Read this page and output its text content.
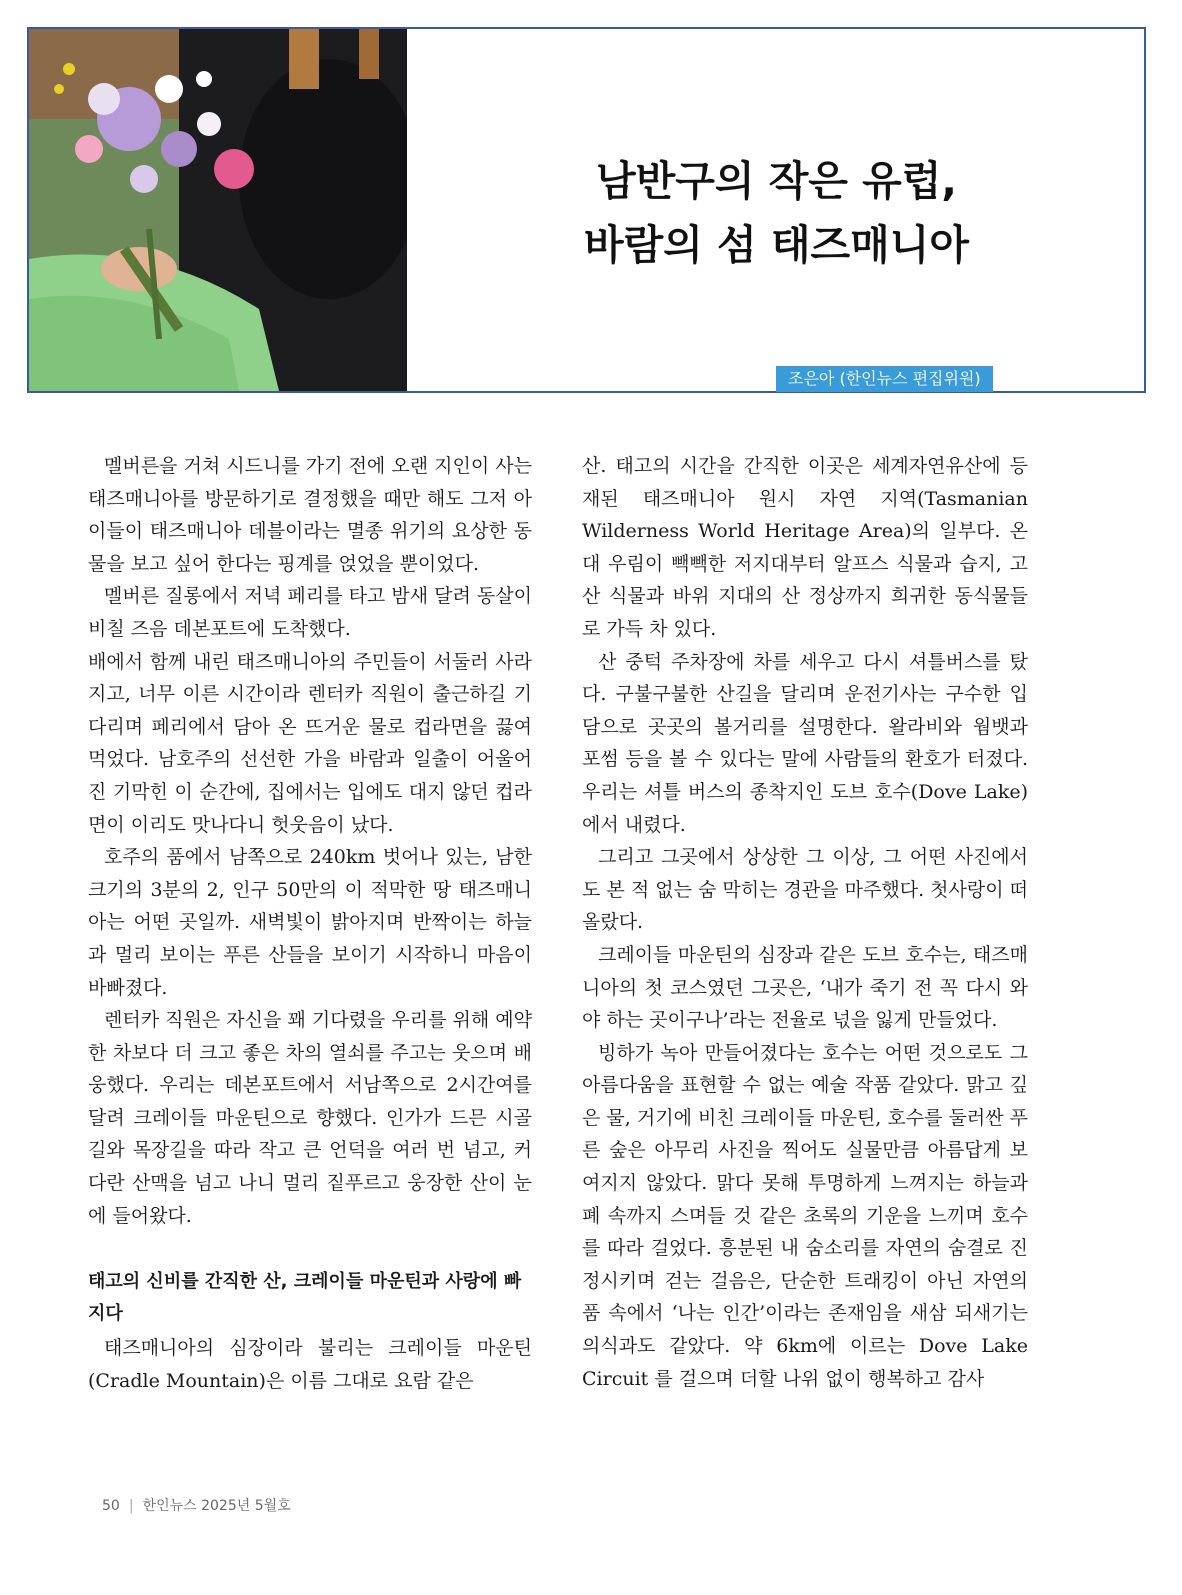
남반구의 작은 유럽,
바람의 섬 태즈매니아
조은아 (한인뉴스 편집위원)

멜버른을 거쳐 시드니를 가기 전에 오랜 지인이 사는 태즈매니아를 방문하기로 결정했을 때만 해도 그저 아이들이 태즈매니아 데블이라는 멸종 위기의 요상한 동물을 보고 싶어 한다는 핑계를 얹었을 뿐이었다.

멜버른 질롱에서 저녁 페리를 타고 밤새 달려 동살이 비칠 즈음 데본포트에 도착했다.

배에서 함께 내린 태즈매니아의 주민들이 서둘러 사라지고, 너무 이른 시간이라 렌터카 직원이 출근하길 기다리며 페리에서 담아 온 뜨거운 물로 컵라면을 끓여먹었다. 남호주의 선선한 가을 바람과 일출이 어울어진 기막힌 이 순간에, 집에서는 입에도 대지 않던 컵라면이 이리도 맛나다니 헛웃음이 났다.

호주의 품에서 남쪽으로 240km 벗어나 있는, 남한 크기의 3분의 2, 인구 50만의 이 적막한 땅 태즈매니아는 어떤 곳일까. 새벽빛이 밝아지며 반짝이는 하늘과 멀리 보이는 푸른 산들을 보이기 시작하니 마음이 바빠졌다.

렌터카 직원은 자신을 꽤 기다렸을 우리를 위해 예약한 차보다 더 크고 좋은 차의 열쇠를 주고는 웃으며 배웅했다. 우리는 데본포트에서 서남쪽으로 2시간여를 달려 크레이들 마운틴으로 향했다. 인가가 드믄 시골길와 목장길을 따라 작고 큰 언덕을 여러 번 넘고, 커다란 산맥을 넘고 나니 멀리 짙푸르고 웅장한 산이 눈에 들어왔다.

태고의 신비를 간직한 산, 크레이들 마운틴과 사랑에 빠지다

태즈매니아의 심장이라 불리는 크레이들 마운틴(Cradle Mountain)은 이름 그대로 요람 같은

산. 태고의 시간을 간직한 이곳은 세계자연유산에 등재된 태즈매니아 원시 자연 지역(Tasmanian Wilderness World Heritage Area)의 일부다. 온대 우림이 빽빽한 저지대부터 알프스 식물과 습지, 고산 식물과 바위 지대의 산 정상까지 희귀한 동식물들로 가득 차 있다.

산 중턱 주차장에 차를 세우고 다시 셔틀버스를 탔다. 구불구불한 산길을 달리며 운전기사는 구수한 입담으로 곳곳의 볼거리를 설명한다. 왈라비와 웜뱃과 포썸 등을 볼 수 있다는 말에 사람들의 환호가 터졌다. 우리는 셔틀 버스의 종착지인 도브 호수(Dove Lake)에서 내렸다.

그리고 그곳에서 상상한 그 이상, 그 어떤 사진에서도 본 적 없는 숨 막히는 경관을 마주했다. 첫사랑이 떠올랐다.

크레이들 마운틴의 심장과 같은 도브 호수는, 태즈매니아의 첫 코스였던 그곳은, ‘내가 죽기 전 꼭 다시 와야 하는 곳이구나’라는 전율로 넋을 잃게 만들었다.

빙하가 녹아 만들어졌다는 호수는 어떤 것으로도 그 아름다움을 표현할 수 없는 예술 작품 같았다. 맑고 깊은 물, 거기에 비친 크레이들 마운틴, 호수를 둘러싼 푸른 숲은 아무리 사진을 찍어도 실물만큼 아름답게 보여지지 않았다. 맑다 못해 투명하게 느껴지는 하늘과 폐 속까지 스며들 것 같은 초록의 기운을 느끼며 호수를 따라 걸었다. 흥분된 내 숨소리를 자연의 숨결로 진정시키며 걷는 걸음은, 단순한 트래킹이 아닌 자연의 품 속에서 ‘나는 인간’이라는 존재임을 새삼 되새기는 의식과도 같았다. 약 6km에 이르는 Dove Lake Circuit 를 걸으며 더할 나위 없이 행복하고 감사

50 | 한인뉴스 2025년 5월호
